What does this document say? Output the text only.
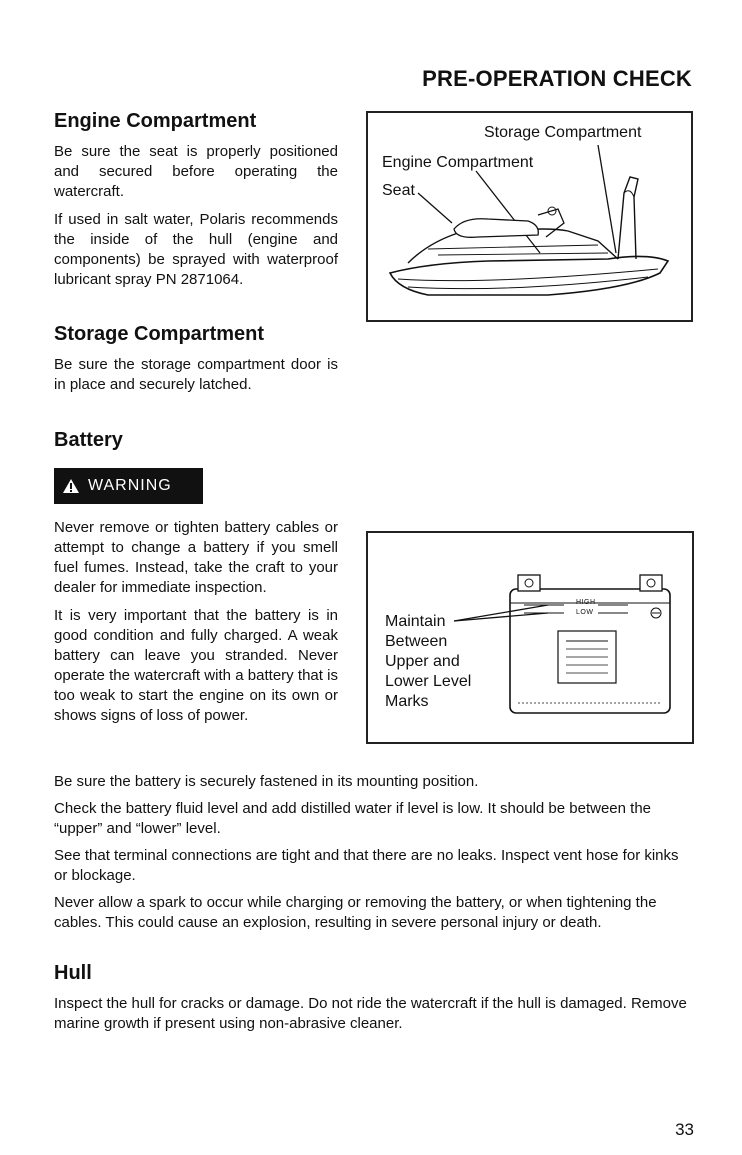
PRE-OPERATION CHECK
Engine Compartment

Be sure the seat is properly positioned and secured before operating the watercraft.

If used in salt water, Polaris recommends the inside of the hull (engine and components) be sprayed with waterproof lubricant spray PN 2871064.

Storage Compartment

Be sure the storage compartment door is in place and securely latched.

Storage Compartment
Engine Compartment
Seat
Battery
WARNING

Never remove or tighten battery cables or attempt to change a battery if you smell fuel fumes. Instead, take the craft to your dealer for immediate inspection.

It is very important that the battery is in good condition and fully charged. A weak battery can leave you stranded. Never operate the watercraft with a battery that is too weak to start the engine on its own or shows signs of loss of power.

Maintain
Between
Upper and
Lower Level
Marks
HIGH
LOW

Be sure the battery is securely fastened in its mounting position.

Check the battery fluid level and add distilled water if level is low. It should be between the “upper” and “lower” level.

See that terminal connections are tight and that there are no leaks. Inspect vent hose for kinks or blockage.

Never allow a spark to occur while charging or removing the battery, or when tightening the cables. This could cause an explosion, resulting in severe personal injury or death.

Hull

Inspect the hull for cracks or damage. Do not ride the watercraft if the hull is damaged. Remove marine growth if present using non-abrasive cleaner.

33
